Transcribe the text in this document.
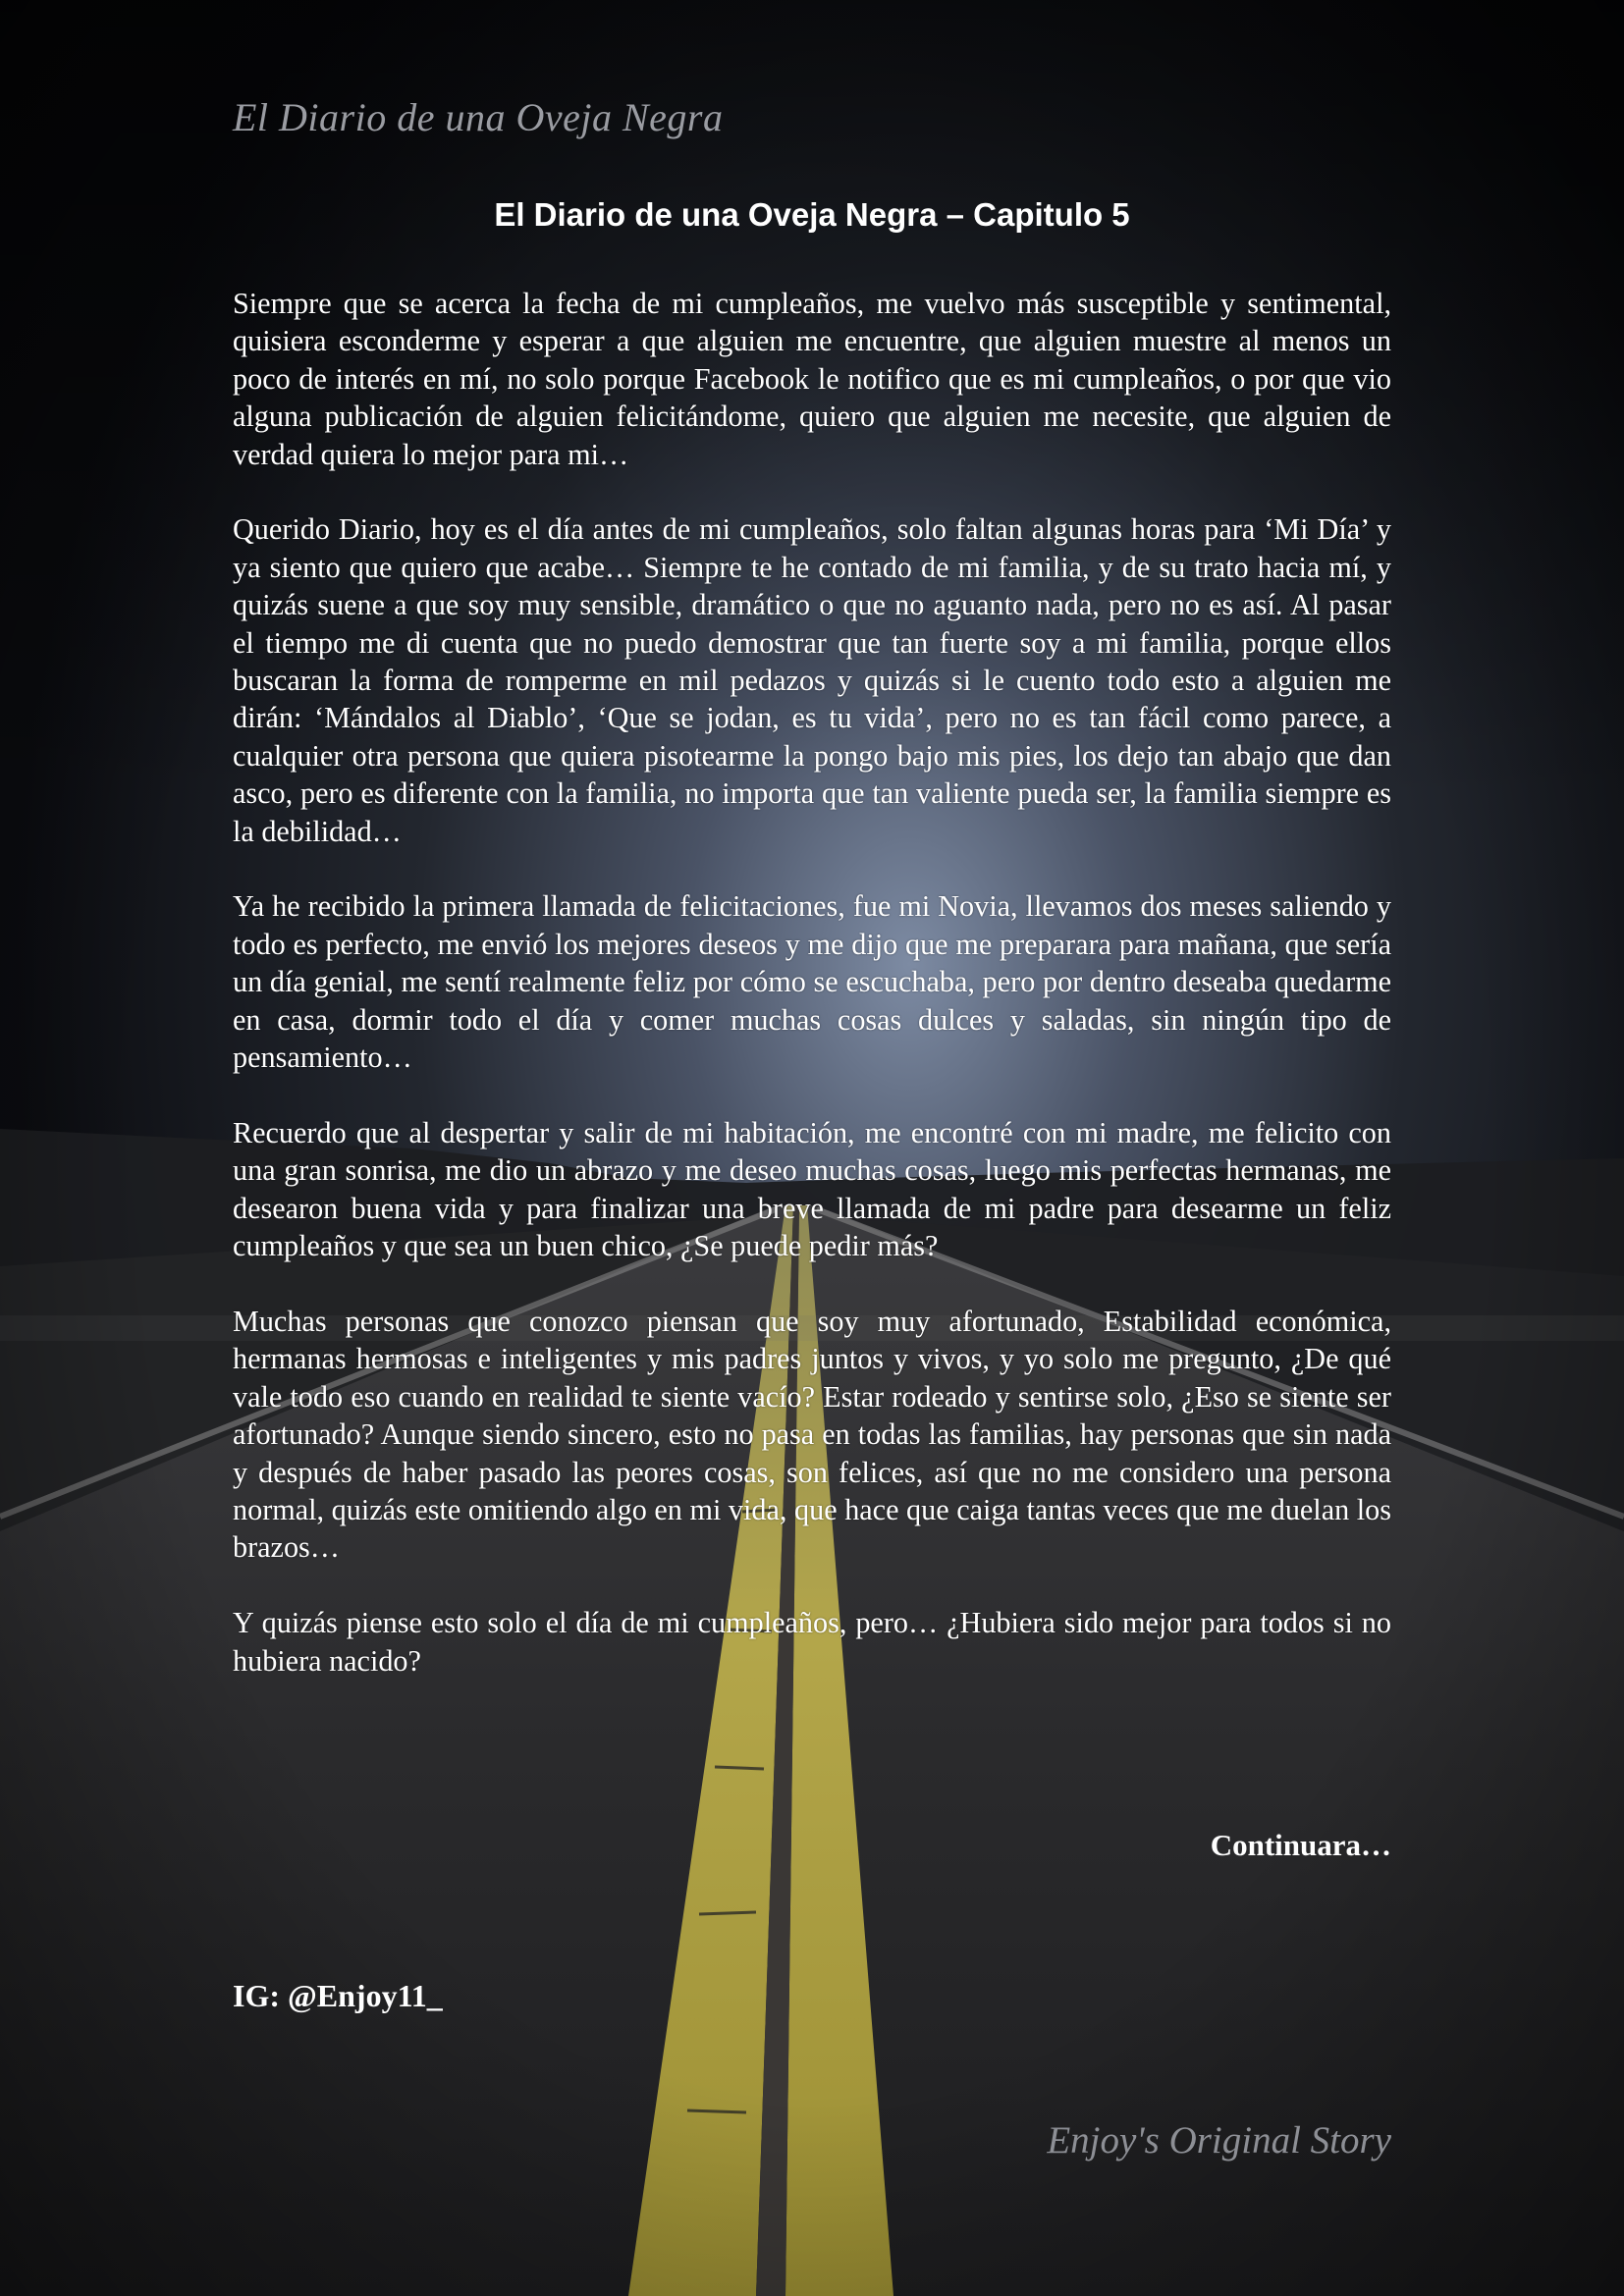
El Diario de una Oveja Negra
El Diario de una Oveja Negra – Capitulo 5

Siempre que se acerca la fecha de mi cumpleaños, me vuelvo más susceptible y sentimental, quisiera esconderme y esperar a que alguien me encuentre, que alguien muestre al menos un poco de interés en mí, no solo porque Facebook le notifico que es mi cumpleaños, o por que vio alguna publicación de alguien felicitándome, quiero que alguien me necesite, que alguien de verdad quiera lo mejor para mi…

Querido Diario, hoy es el día antes de mi cumpleaños, solo faltan algunas horas para ‘Mi Día’ y ya siento que quiero que acabe… Siempre te he contado de mi familia, y de su trato hacia mí, y quizás suene a que soy muy sensible, dramático o que no aguanto nada, pero no es así. Al pasar el tiempo me di cuenta que no puedo demostrar que tan fuerte soy a mi familia, porque ellos buscaran la forma de romperme en mil pedazos y quizás si le cuento todo esto a alguien me dirán: ‘Mándalos al Diablo’, ‘Que se jodan, es tu vida’, pero no es tan fácil como parece, a cualquier otra persona que quiera pisotearme la pongo bajo mis pies, los dejo tan abajo que dan asco, pero es diferente con la familia, no importa que tan valiente pueda ser, la familia siempre es la debilidad…

Ya he recibido la primera llamada de felicitaciones, fue mi Novia, llevamos dos meses saliendo y todo es perfecto, me envió los mejores deseos y me dijo que me preparara para mañana, que sería un día genial, me sentí realmente feliz por cómo se escuchaba, pero por dentro deseaba quedarme en casa, dormir todo el día y comer muchas cosas dulces y saladas, sin ningún tipo de pensamiento…

Recuerdo que al despertar y salir de mi habitación, me encontré con mi madre, me felicito con una gran sonrisa, me dio un abrazo y me deseo muchas cosas, luego mis perfectas hermanas, me desearon buena vida y para finalizar una breve llamada de mi padre para desearme un feliz cumpleaños y que sea un buen chico, ¿Se puede pedir más?

Muchas personas que conozco piensan que soy muy afortunado, Estabilidad económica, hermanas hermosas e inteligentes y mis padres juntos y vivos, y yo solo me pregunto, ¿De qué vale todo eso cuando en realidad te siente vacío? Estar rodeado y sentirse solo, ¿Eso se siente ser afortunado? Aunque siendo sincero, esto no pasa en todas las familias, hay personas que sin nada y después de haber pasado las peores cosas, son felices, así que no me considero una persona normal, quizás este omitiendo algo en mi vida, que hace que caiga tantas veces que me duelan los brazos…

Y quizás piense esto solo el día de mi cumpleaños, pero… ¿Hubiera sido mejor para todos si no hubiera nacido?

Continuara…
IG: @Enjoy11_
Enjoy's Original Story
